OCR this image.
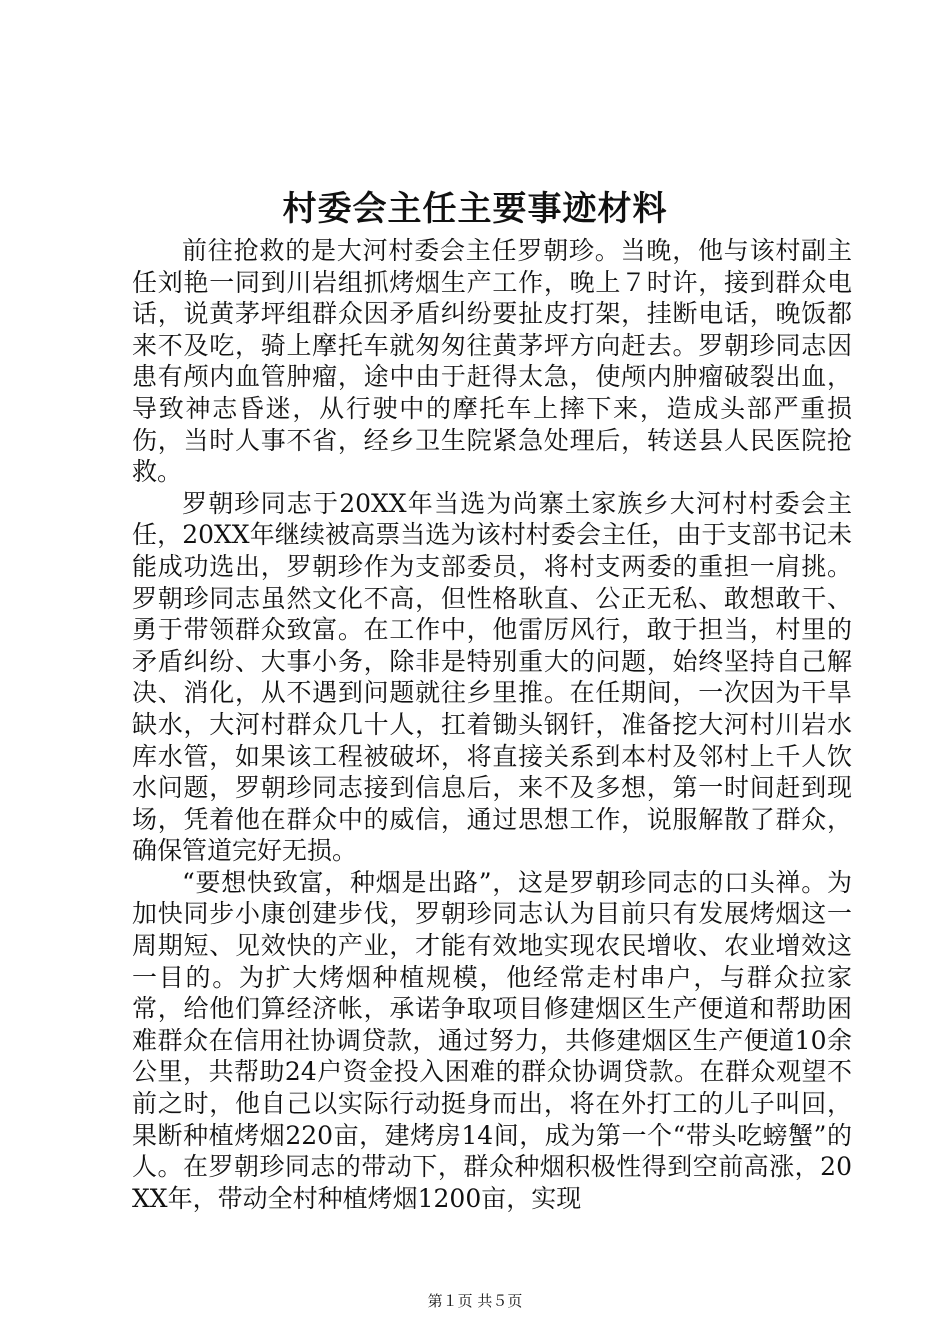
村委会主任主要事迹材料

前往抢救的是大河村委会主任罗朝珍。当晚，他与该村副主任刘艳一同到川岩组抓烤烟生产工作，晚上７时许，接到群众电话，说黄茅坪组群众因矛盾纠纷要扯皮打架，挂断电话，晚饭都来不及吃，骑上摩托车就匆匆往黄茅坪方向赶去。罗朝珍同志因患有颅内血管肿瘤，途中由于赶得太急，使颅内肿瘤破裂出血，导致神志昏迷，从行驶中的摩托车上摔下来，造成头部严重损伤，当时人事不省，经乡卫生院紧急处理后，转送县人民医院抢救。

罗朝珍同志于20XX年当选为尚寨土家族乡大河村村委会主任，20XX年继续被高票当选为该村村委会主任，由于支部书记未能成功选出，罗朝珍作为支部委员，将村支两委的重担一肩挑。罗朝珍同志虽然文化不高，但性格耿直、公正无私、敢想敢干、勇于带领群众致富。在工作中，他雷厉风行，敢于担当，村里的矛盾纠纷、大事小务，除非是特别重大的问题，始终坚持自己解决、消化，从不遇到问题就往乡里推。在任期间，一次因为干旱缺水，大河村群众几十人，扛着锄头钢钎，准备挖大河村川岩水库水管，如果该工程被破坏，将直接关系到本村及邻村上千人饮水问题，罗朝珍同志接到信息后，来不及多想，第一时间赶到现场，凭着他在群众中的威信，通过思想工作，说服解散了群众，确保管道完好无损。

“要想快致富，种烟是出路”，这是罗朝珍同志的口头禅。为加快同步小康创建步伐，罗朝珍同志认为目前只有发展烤烟这一周期短、见效快的产业，才能有效地实现农民增收、农业增效这一目的。为扩大烤烟种植规模，他经常走村串户，与群众拉家常，给他们算经济帐，承诺争取项目修建烟区生产便道和帮助困难群众在信用社协调贷款，通过努力，共修建烟区生产便道10余公里，共帮助24户资金投入困难的群众协调贷款。在群众观望不前之时，他自己以实际行动挺身而出，将在外打工的儿子叫回，果断种植烤烟220亩，建烤房14间，成为第一个“带头吃螃蟹”的人。在罗朝珍同志的带动下，群众种烟积极性得到空前高涨，20XX年，带动全村种植烤烟1200亩，实现

第１页 共５页
